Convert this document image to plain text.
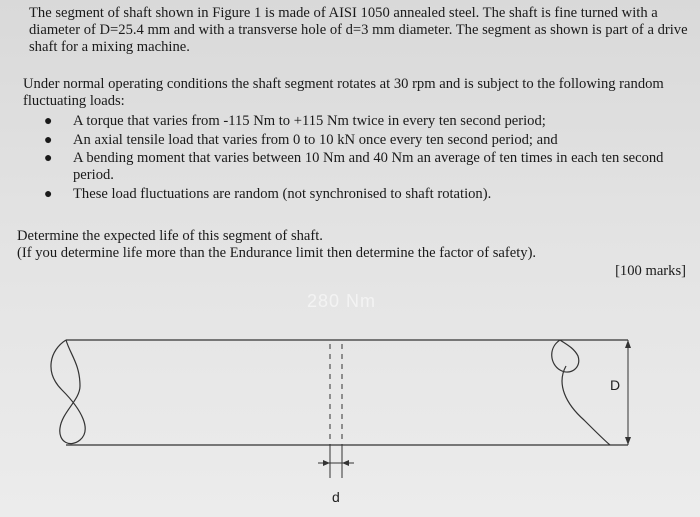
The segment of shaft shown in Figure 1 is made of AISI 1050 annealed steel. The shaft is fine turned with a diameter of D=25.4 mm and with a transverse hole of d=3 mm diameter. The segment as shown is part of a drive shaft for a mixing machine.

Under normal operating conditions the shaft segment rotates at 30 rpm and is subject to the following random fluctuating loads:

● A torque that varies from -115 Nm to +115 Nm twice in every ten second period;
● An axial tensile load that varies from 0 to 10 kN once every ten second period; and
● A bending moment that varies between 10 Nm and 40 Nm an average of ten times in each ten second period.
● These load fluctuations are random (not synchronised to shaft rotation).
Determine the expected life of this segment of shaft.
(If you determine life more than the Endurance limit then determine the factor of safety).
[100 marks]
280 Nm
D
d
